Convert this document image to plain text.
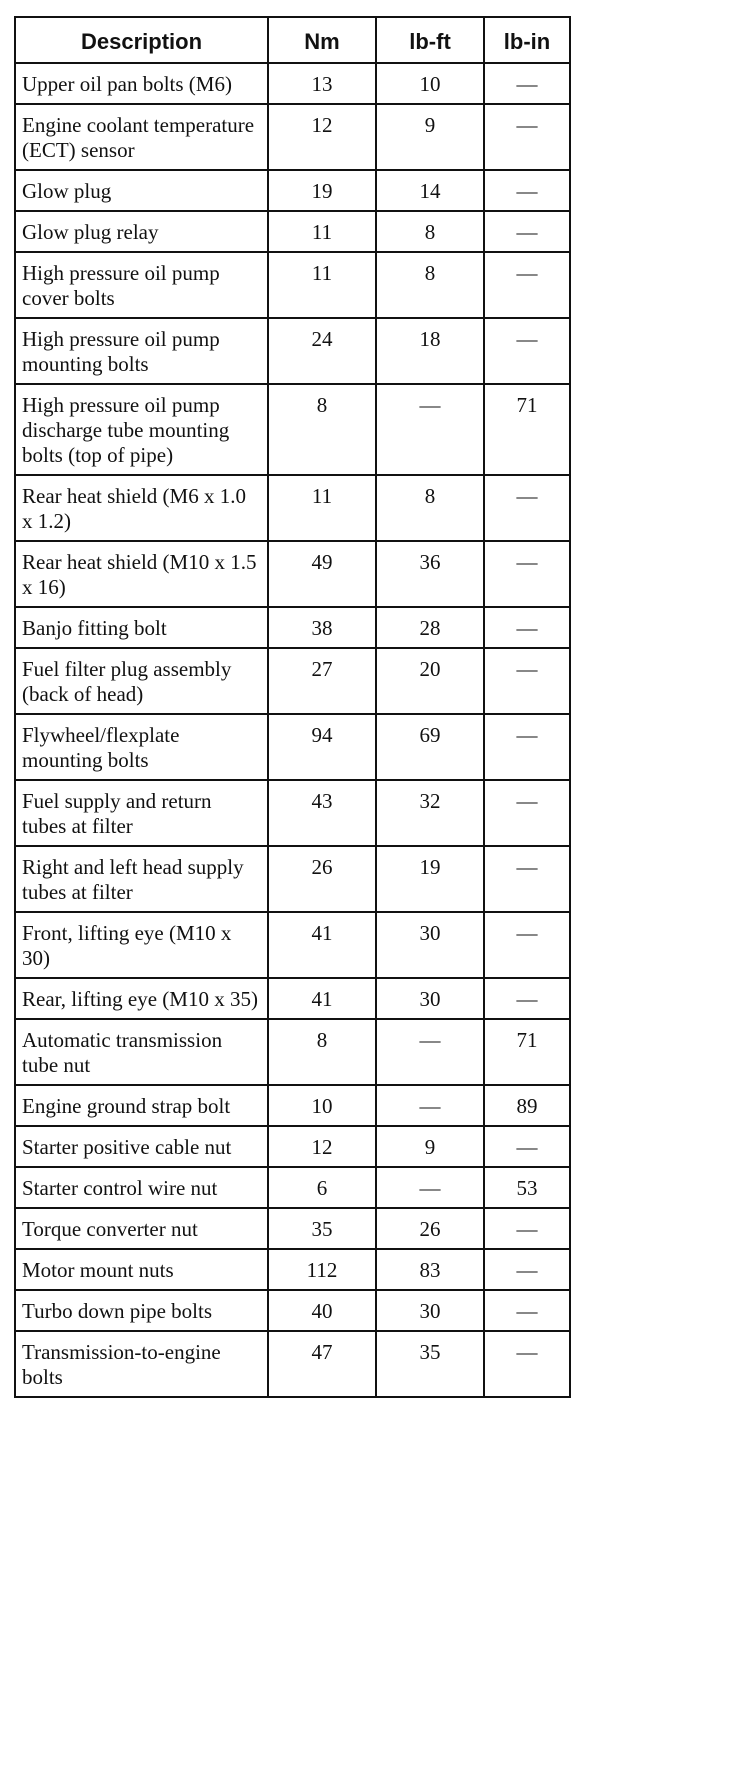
Description	Nm	lb-ft	lb-in
Upper oil pan bolts (M6)	13	10	—
Engine coolant temperature (ECT) sensor	12	9	—
Glow plug	19	14	—
Glow plug relay	11	8	—
High pressure oil pump cover bolts	11	8	—
High pressure oil pump mounting bolts	24	18	—
High pressure oil pump discharge tube mounting bolts (top of pipe)	8	—	71
Rear heat shield (M6 x 1.0 x 1.2)	11	8	—
Rear heat shield (M10 x 1.5 x 16)	49	36	—
Banjo fitting bolt	38	28	—
Fuel filter plug assembly (back of head)	27	20	—
Flywheel/flexplate mounting bolts	94	69	—
Fuel supply and return tubes at filter	43	32	—
Right and left head supply tubes at filter	26	19	—
Front, lifting eye (M10 x 30)	41	30	—
Rear, lifting eye (M10 x 35)	41	30	—
Automatic transmission tube nut	8	—	71
Engine ground strap bolt	10	—	89
Starter positive cable nut	12	9	—
Starter control wire nut	6	—	53
Torque converter nut	35	26	—
Motor mount nuts	112	83	—
Turbo down pipe bolts	40	30	—
Transmission-to-engine bolts	47	35	—
